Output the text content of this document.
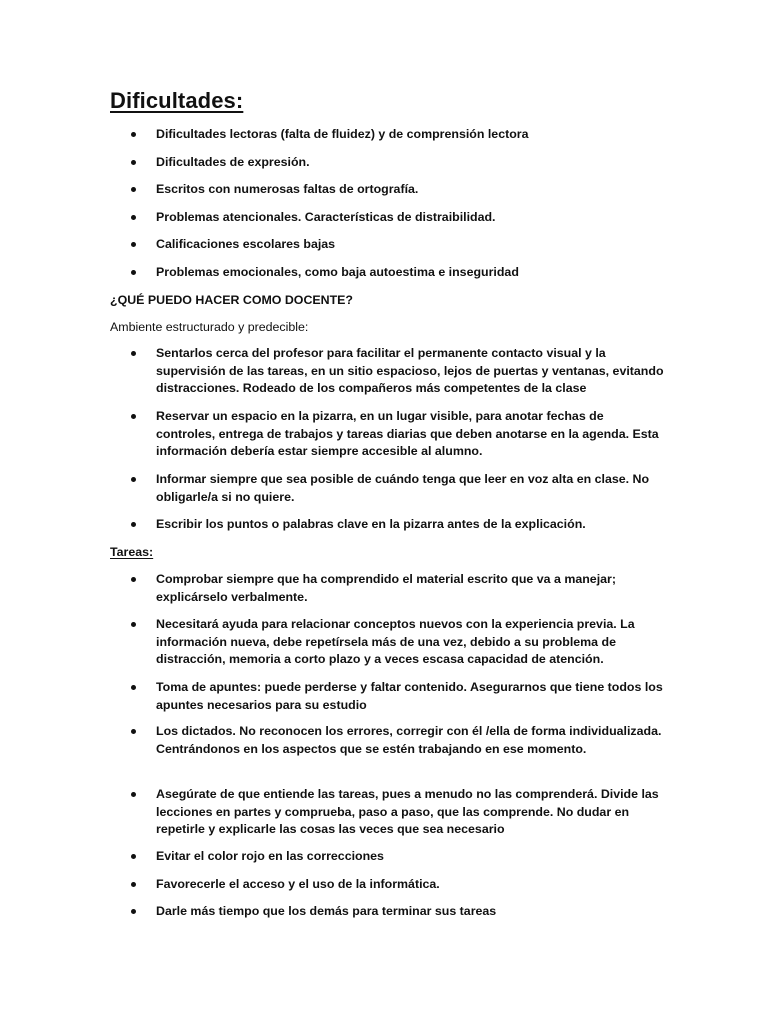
Dificultades:
Dificultades lectoras (falta de fluidez) y de comprensión lectora
Dificultades de expresión.
Escritos con numerosas faltas de ortografía.
Problemas atencionales. Características de distraibilidad.
Calificaciones escolares bajas
Problemas emocionales, como baja autoestima e inseguridad

¿QUÉ PUEDO HACER COMO DOCENTE?

Ambiente estructurado y predecible:

Sentarlos cerca del profesor para facilitar el permanente contacto visual y la supervisión de las tareas, en un sitio espacioso, lejos de puertas y ventanas, evitando distracciones. Rodeado de los compañeros más competentes de la clase
Reservar un espacio en la pizarra, en un lugar visible, para anotar fechas de controles, entrega de trabajos y tareas diarias que deben anotarse en la agenda. Esta información debería estar siempre accesible al alumno.
Informar siempre que sea posible de cuándo tenga que leer en voz alta en clase. No obligarle/a si no quiere.
Escribir los puntos o palabras clave en la pizarra antes de la explicación.

Tareas:

Comprobar siempre que ha comprendido el material escrito que va a manejar; explicárselo verbalmente.
Necesitará ayuda para relacionar conceptos nuevos con la experiencia previa. La información nueva, debe repetírsela más de una vez, debido a su problema de distracción, memoria a corto plazo y a veces escasa capacidad de atención.
Toma de apuntes: puede perderse y faltar contenido. Asegurarnos que tiene todos los apuntes necesarios para su estudio
Los dictados. No reconocen los errores, corregir con él /ella de forma individualizada. Centrándonos en los aspectos que se estén trabajando en ese momento.
Asegúrate de que entiende las tareas, pues a menudo no las comprenderá. Divide las lecciones en partes y comprueba, paso a paso, que las comprende. No dudar en repetirle y explicarle las cosas las veces que sea necesario
Evitar el color rojo en las correcciones
Favorecerle el acceso y el uso de la informática.
Darle más tiempo que los demás para terminar sus tareas
